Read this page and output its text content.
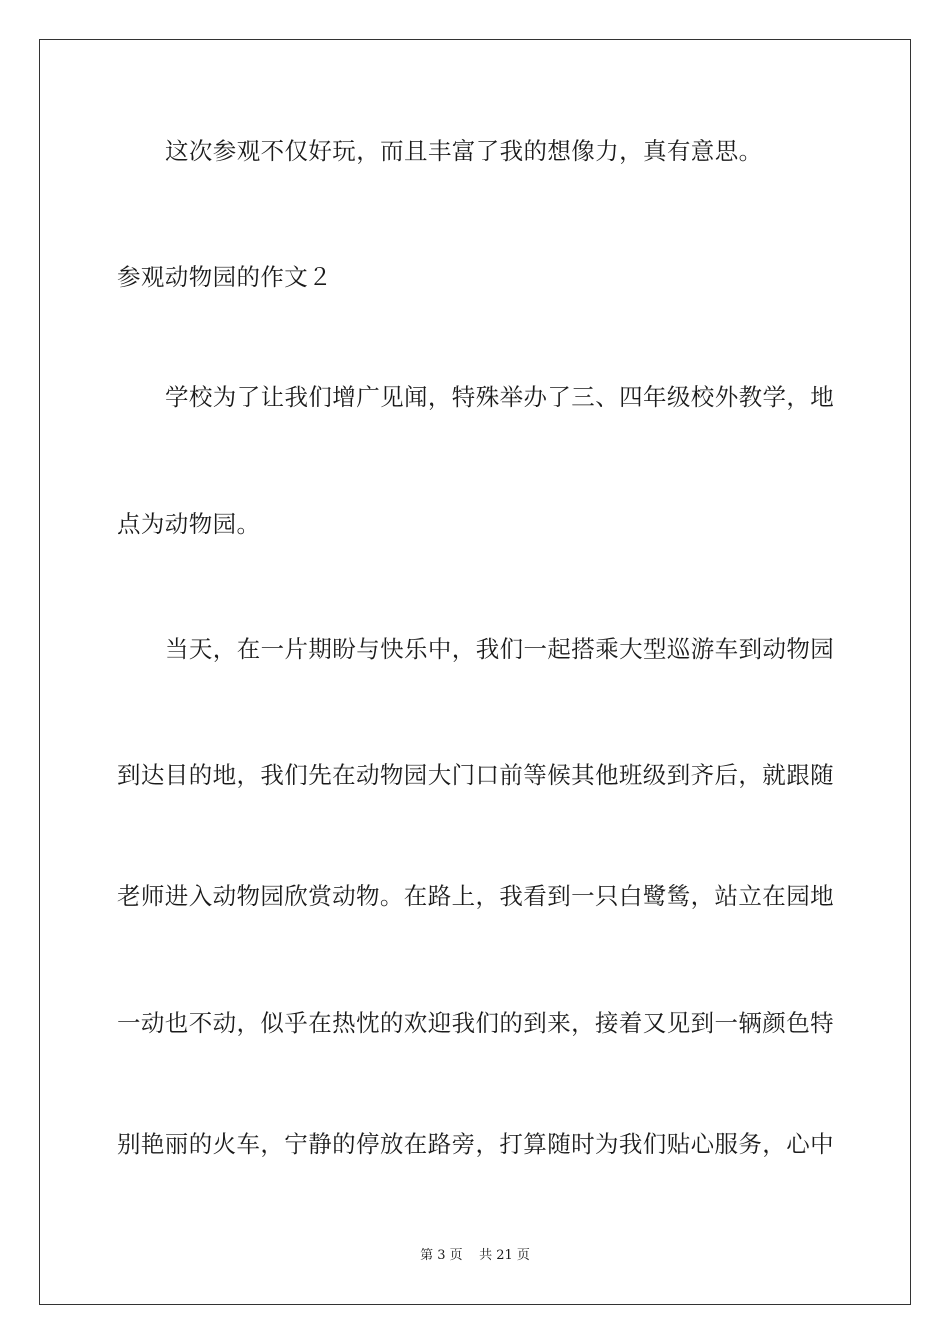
这次参观不仅好玩，而且丰富了我的想像力，真有意思。
参观动物园的作文２
学校为了让我们增广见闻，特殊举办了三、四年级校外教学，地
点为动物园。
当天，在一片期盼与快乐中，我们一起搭乘大型巡游车到动物园
到达目的地，我们先在动物园大门口前等候其他班级到齐后，就跟随
老师进入动物园欣赏动物。在路上，我看到一只白鹭鸶，站立在园地
一动也不动，似乎在热忱的欢迎我们的到来，接着又见到一辆颜色特
别艳丽的火车，宁静的停放在路旁，打算随时为我们贴心服务，心中
第 3 页    共 21 页
